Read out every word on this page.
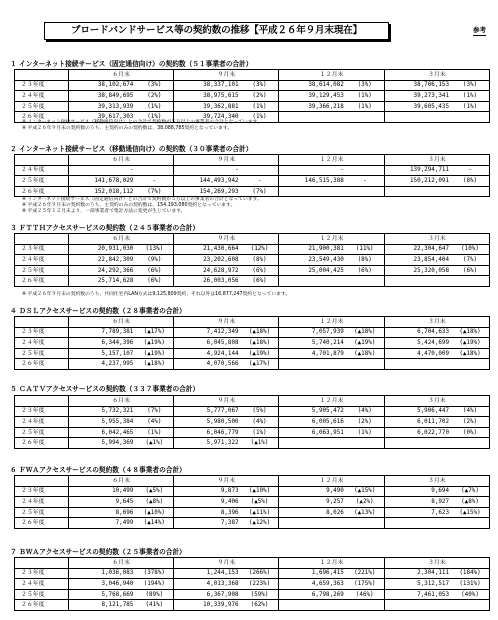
ブロードバンドサービス等の契約数の推移【平成２６年９月末現在】	参考
１ インターネット接続サービス（固定通信向け）の契約数（５１事業者の合計）
	６月末		９月末		１２月末		３月末	
２３年度	38,102,674	(3%)	38,337,101	(3%)	38,614,082	(3%)	38,706,153	(3%)
２４年度	38,849,695	(2%)	38,975,615	(2%)	39,129,453	(1%)	39,273,341	(1%)
２５年度	39,313,939	(1%)	39,362,881	(1%)	39,366,218	(1%)	39,605,435	(1%)
２６年度	39,617,303	(1%)	39,724,340	(1%)				
※ インターネット接続サービス（移動通信向け）との合計で契約数が５万以上の事業者の合計となっています。
※ 平成２６年９月末の契約数のうち、主契約のみの契約数は、38,088,785契約となっています。
２ インターネット接続サービス（移動通信向け）の契約数（３０事業者の合計）
	６月末		９月末		１２月末		３月末	
２４年度	-		-		-		139,294,711	-
２５年度	141,678,029	-	144,493,942	-	146,515,388	-	150,212,091	(8%)
２６年度	152,018,112	(7%)	154,269,293	(7%)				
※ インターネット接続サービス（固定通信向け）との合計で契約数が５万以上の事業者の合計となっています。
※ 平成２６年９月末の契約数のうち、主契約のみの契約数は、154,193,080契約となっています。
※ 平成２５年１２月末より、一部事業者で集計方法に変更が生じています。
３ ＦＴＴＨアクセスサービスの契約数（２４５事業者の合計）
	６月末		９月末		１２月末		３月末	
２３年度	20,931,030	(13%)	21,430,664	(12%)	21,900,381	(11%)	22,304,647	(10%)
２４年度	22,842,309	(9%)	23,202,608	(8%)	23,549,430	(8%)	23,854,404	(7%)
２５年度	24,292,366	(6%)	24,628,972	(6%)	25,004,425	(6%)	25,320,058	(6%)
２６年度	25,714,628	(6%)	26,003,056	(6%)				
※ 平成２６年９月末の契約数のうち、共同住宅内LAN方式は9,125,809契約、それ以外は16,877,247契約となっています。
４ ＤＳＬアクセスサービスの契約数（２８事業者の合計）
	６月末		９月末		１２月末		３月末	
２３年度	7,789,381	(▲17%)	7,412,349	(▲18%)	7,057,939	(▲18%)	6,704,633	(▲18%)
２４年度	6,344,396	(▲19%)	6,045,808	(▲18%)	5,740,214	(▲19%)	5,424,699	(▲19%)
２５年度	5,157,107	(▲19%)	4,924,144	(▲19%)	4,701,879	(▲18%)	4,470,009	(▲18%)
２６年度	4,237,995	(▲18%)	4,070,566	(▲17%)				
５ ＣＡＴＶアクセスサービスの契約数（３３７事業者の合計）
	６月末		９月末		１２月末		３月末	
２３年度	5,732,321	(7%)	5,777,067	(5%)	5,905,472	(4%)	5,906,447	(4%)
２４年度	5,955,384	(4%)	5,980,500	(4%)	6,005,616	(2%)	6,011,702	(2%)
２５年度	6,042,465	(1%)	6,046,779	(1%)	6,063,951	(1%)	6,022,770	(0%)
２６年度	5,994,369	(▲1%)	5,971,322	(▲1%)				
６ ＦＷＡアクセスサービスの契約数（４８事業者の合計）
	６月末		９月末		１２月末		３月末	
２３年度	10,499	(▲5%)	9,873	(▲10%)	9,490	(▲15%)	9,694	(▲7%)
２４年度	9,645	(▲8%)	9,406	(▲5%)	9,257	(▲2%)	8,927	(▲8%)
２５年度	8,696	(▲10%)	8,396	(▲11%)	8,026	(▲13%)	7,623	(▲15%)
２６年度	7,499	(▲14%)	7,387	(▲12%)				
７ ＢＷＡアクセスサービスの契約数（２５事業者の合計）
	６月末		９月末		１２月末		３月末	
２３年度	1,036,083	(378%)	1,244,153	(266%)	1,696,415	(221%)	2,304,111	(184%)
２４年度	3,046,940	(194%)	4,013,368	(223%)	4,659,363	(175%)	5,312,517	(131%)
２５年度	5,768,669	(89%)	6,367,908	(59%)	6,798,269	(46%)	7,461,053	(40%)
２６年度	8,121,785	(41%)	10,339,976	(62%)				
